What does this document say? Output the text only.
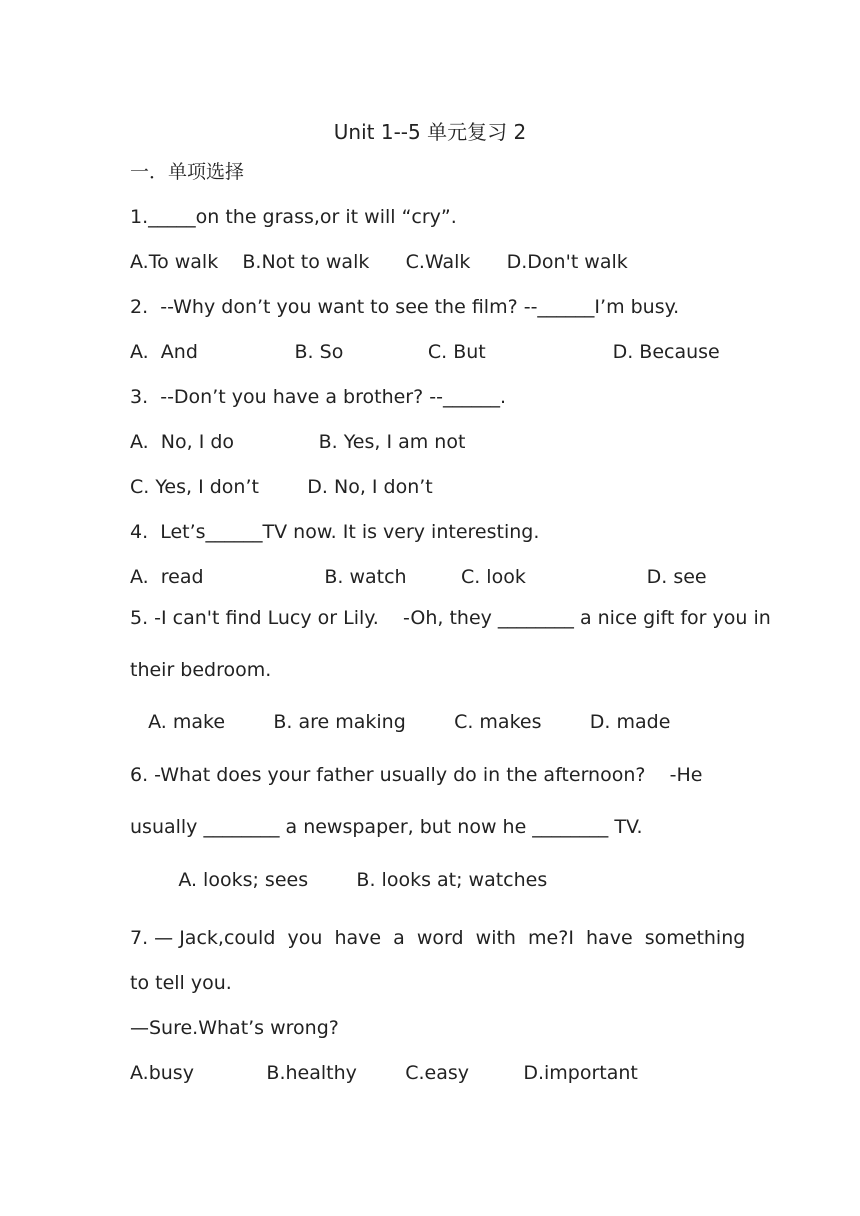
Unit 1--5 单元复习 2
一．单项选择
1._____on the grass,or it will “cry”.
A.To walk    B.Not to walk      C.Walk      D.Don't walk
2.  --Why don’t you want to see the film? --______I’m busy.
A.  And                B. So              C. But                     D. Because
3.  --Don’t you have a brother? --______.
A.  No, I do              B. Yes, I am not
C. Yes, I don’t        D. No, I don’t
4.  Let’s______TV now. It is very interesting.
A.  read                    B. watch         C. look                    D. see
5. -I can't find Lucy or Lily.    -Oh, they ________ a nice gift for you in
their bedroom.
A. make        B. are making        C. makes        D. made
6. -What does your father usually do in the afternoon?    -He
usually ________ a newspaper, but now he ________ TV.
A. looks; sees        B. looks at; watches
7. — Jack,could  you  have  a  word  with  me?I  have  something
to tell you.
—Sure.What’s wrong?
A.busy            B.healthy        C.easy         D.important
